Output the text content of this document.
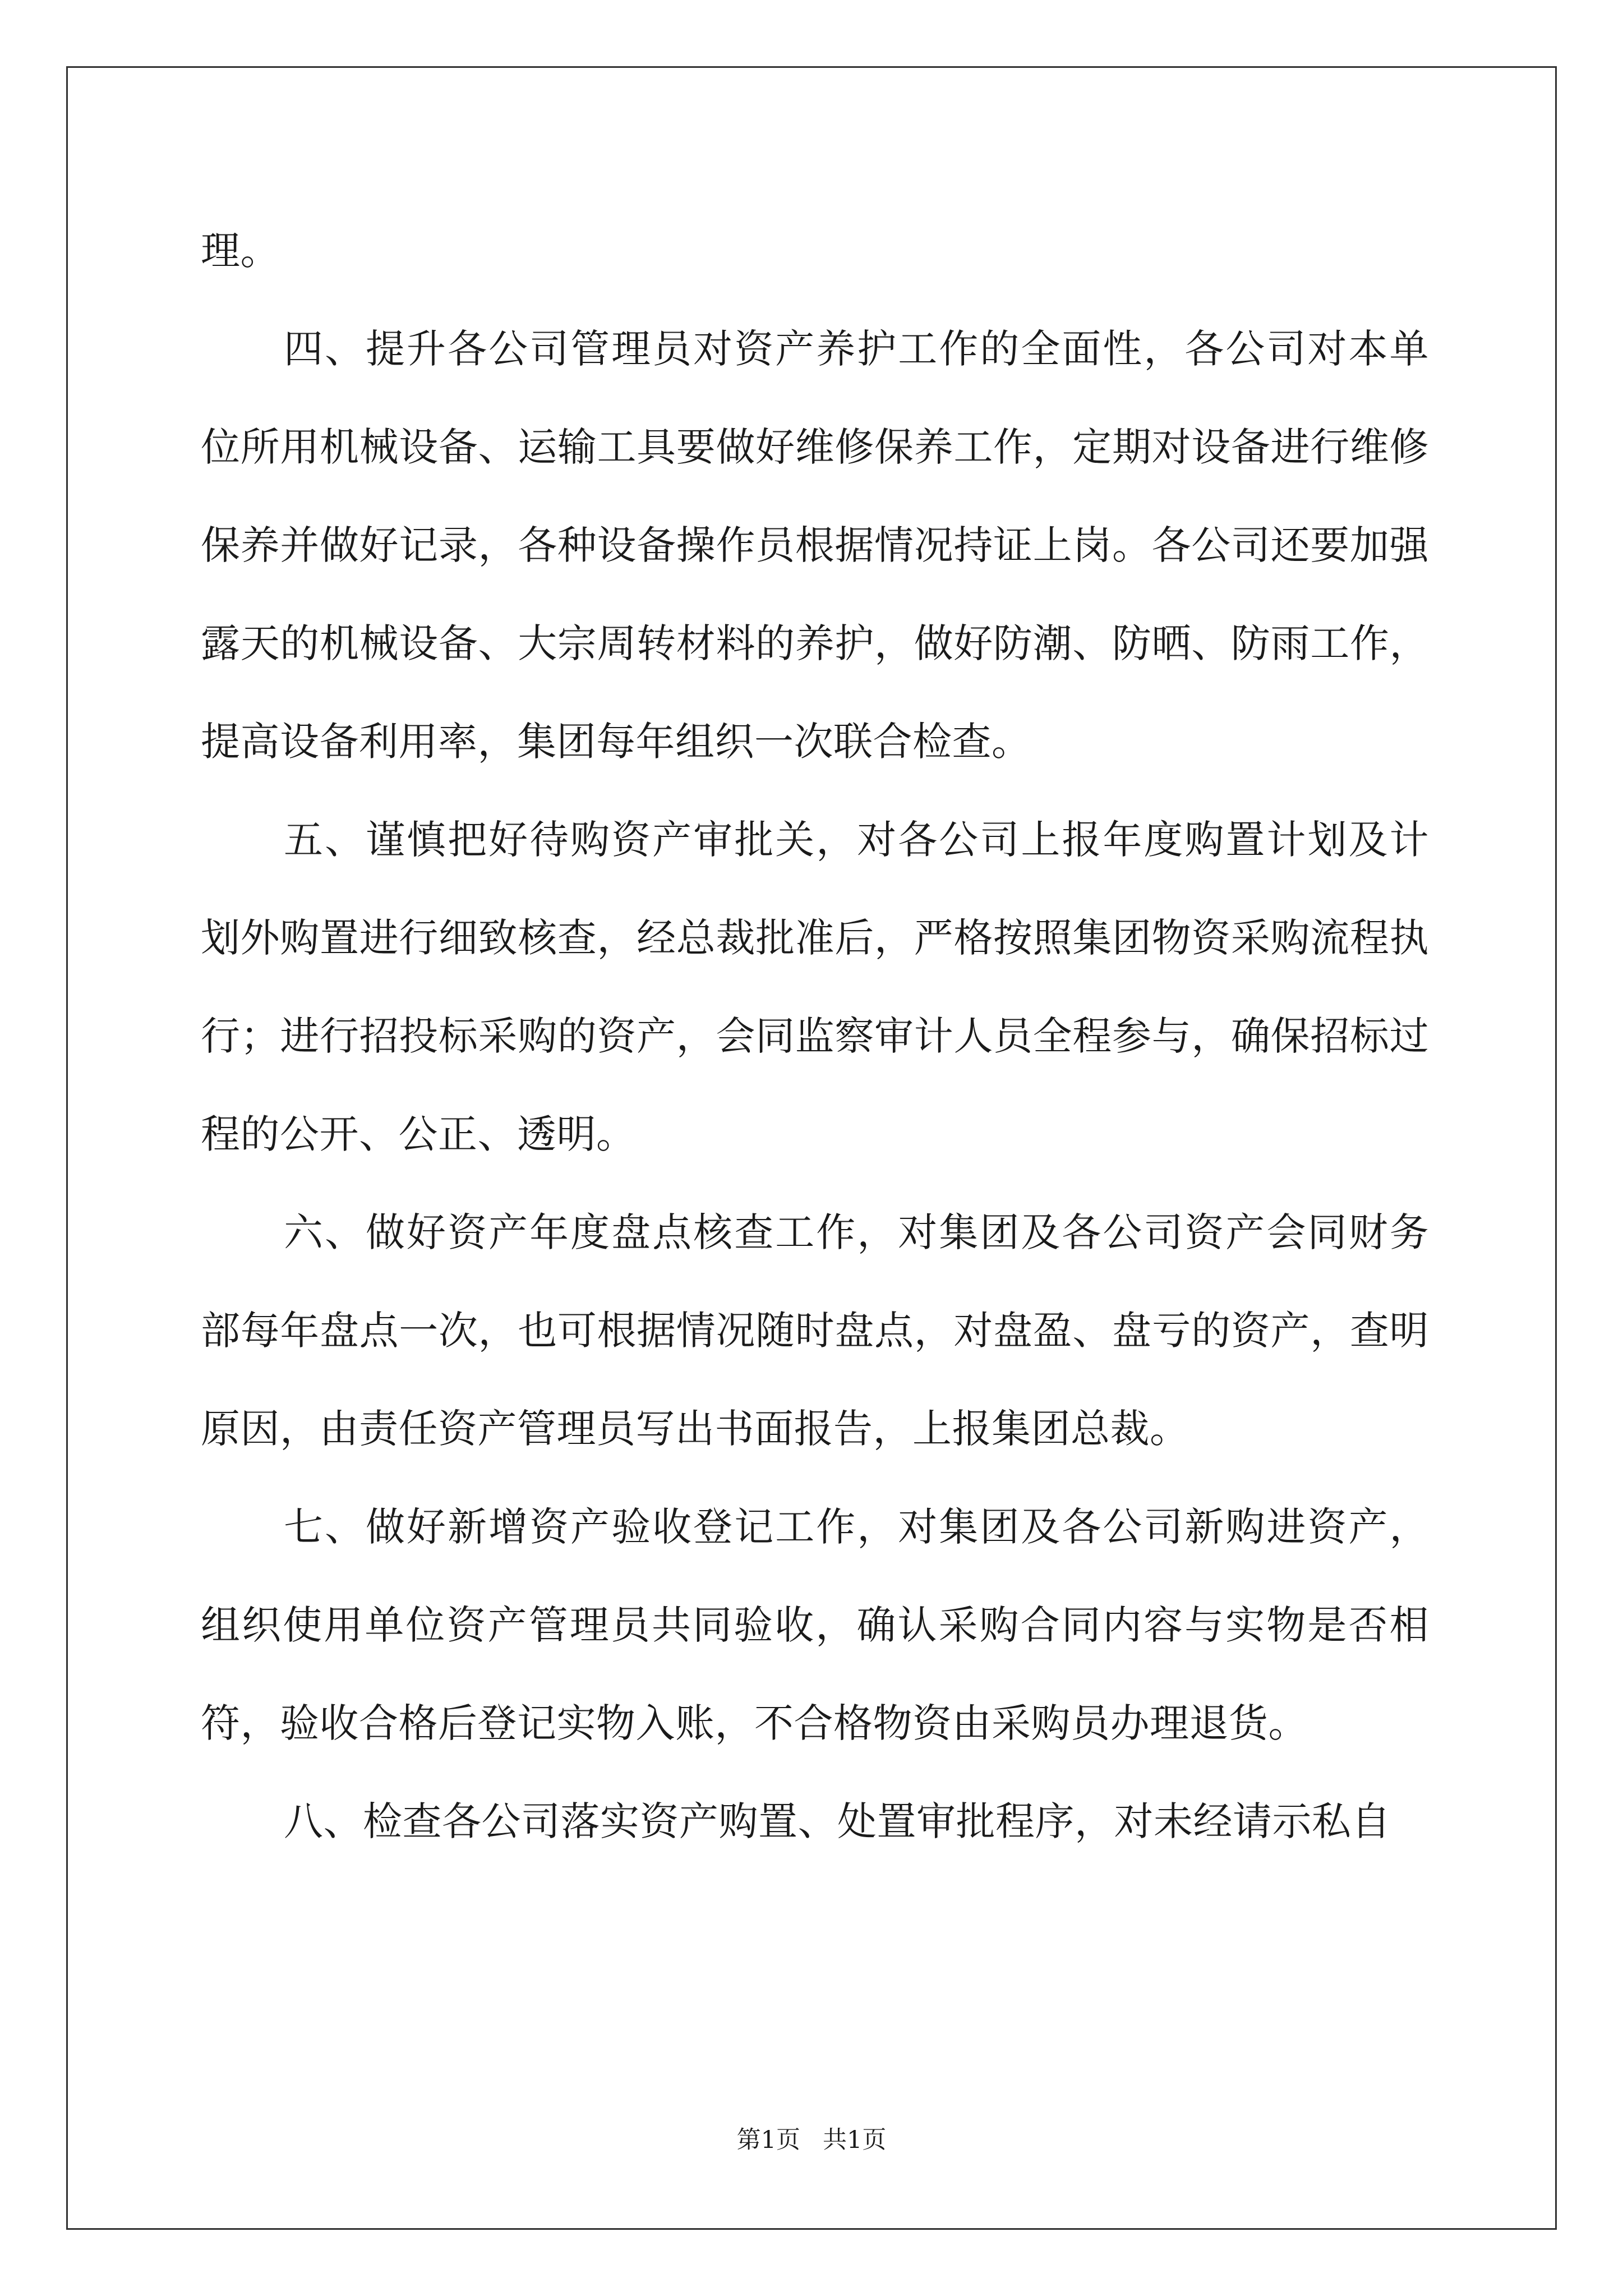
理。

四、提升各公司管理员对资产养护工作的全面性，各公司对本单位所用机械设备、运输工具要做好维修保养工作，定期对设备进行维修保养并做好记录，各种设备操作员根据情况持证上岗。各公司还要加强露天的机械设备、大宗周转材料的养护，做好防潮、防晒、防雨工作，提高设备利用率，集团每年组织一次联合检查。

五、谨慎把好待购资产审批关，对各公司上报年度购置计划及计划外购置进行细致核查，经总裁批准后，严格按照集团物资采购流程执行；进行招投标采购的资产，会同监察审计人员全程参与，确保招标过程的公开、公正、透明。

六、做好资产年度盘点核查工作，对集团及各公司资产会同财务部每年盘点一次，也可根据情况随时盘点，对盘盈、盘亏的资产，查明原因，由责任资产管理员写出书面报告，上报集团总裁。

七、做好新增资产验收登记工作，对集团及各公司新购进资产，组织使用单位资产管理员共同验收，确认采购合同内容与实物是否相符，验收合格后登记实物入账，不合格物资由采购员办理退货。

八、检查各公司落实资产购置、处置审批程序，对未经请示私自

第1页 共1页
